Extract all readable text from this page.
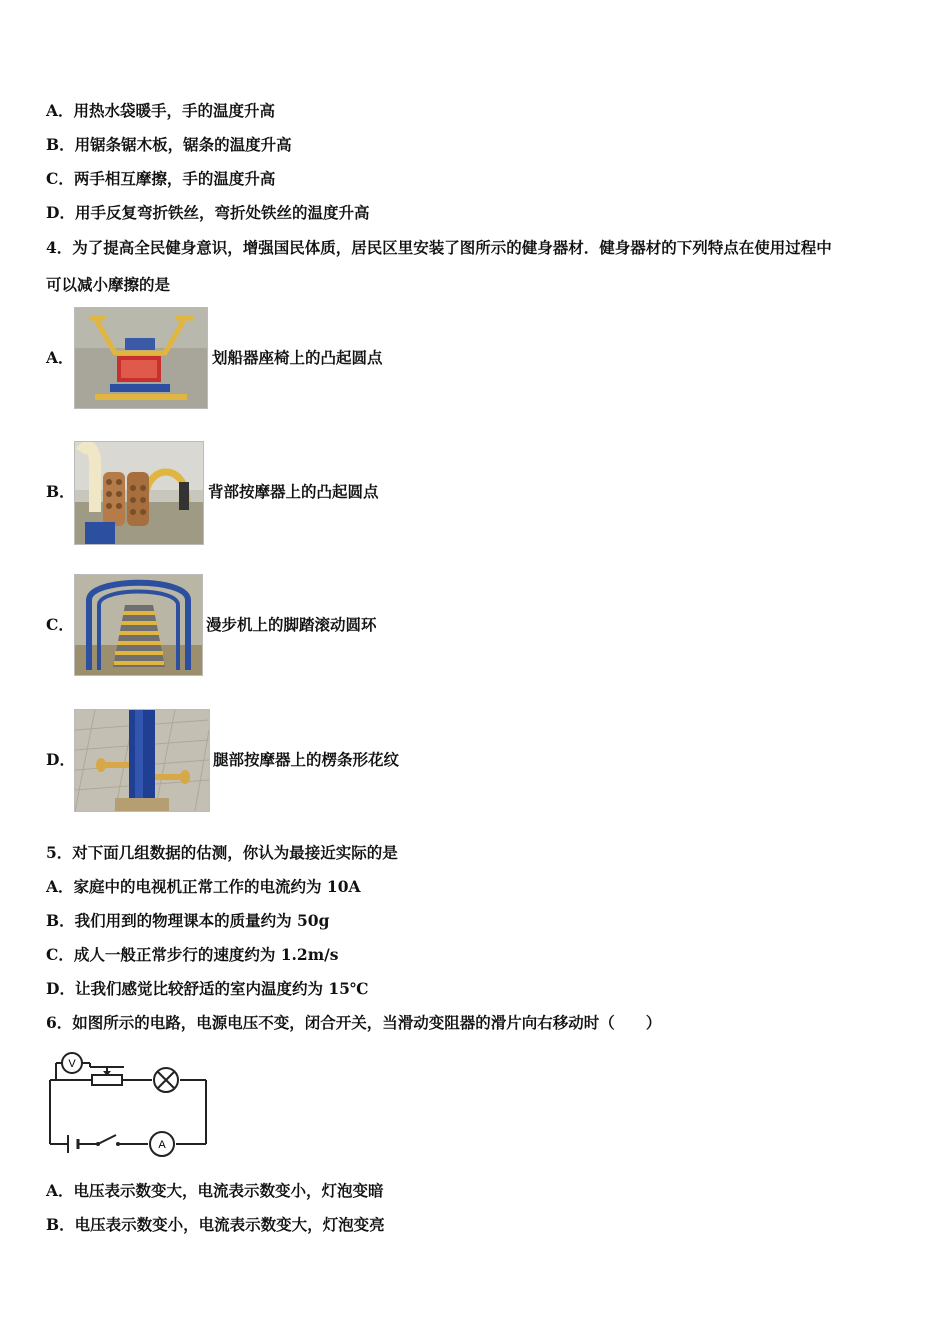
A．用热水袋暖手，手的温度升高
B．用锯条锯木板，锯条的温度升高
C．两手相互摩擦，手的温度升高
D．用手反复弯折铁丝，弯折处铁丝的温度升高
4．为了提高全民健身意识，增强国民体质，居民区里安装了图所示的健身器材．健身器材的下列特点在使用过程中
可以减小摩擦的是
A．	划船器座椅上的凸起圆点
B．	背部按摩器上的凸起圆点
C．	漫步机上的脚踏滚动圆环
D．	腿部按摩器上的楞条形花纹
5．对下面几组数据的估测，你认为最接近实际的是
A．家庭中的电视机正常工作的电流约为 10A
B．我们用到的物理课本的质量约为 50g
C．成人一般正常步行的速度约为 1.2m/s
D．让我们感觉比较舒适的室内温度约为 15℃
6．如图所示的电路，电源电压不变，闭合开关，当滑动变阻器的滑片向右移动时（　　）
V
A
A．电压表示数变大，电流表示数变小，灯泡变暗
B．电压表示数变小，电流表示数变大，灯泡变亮
